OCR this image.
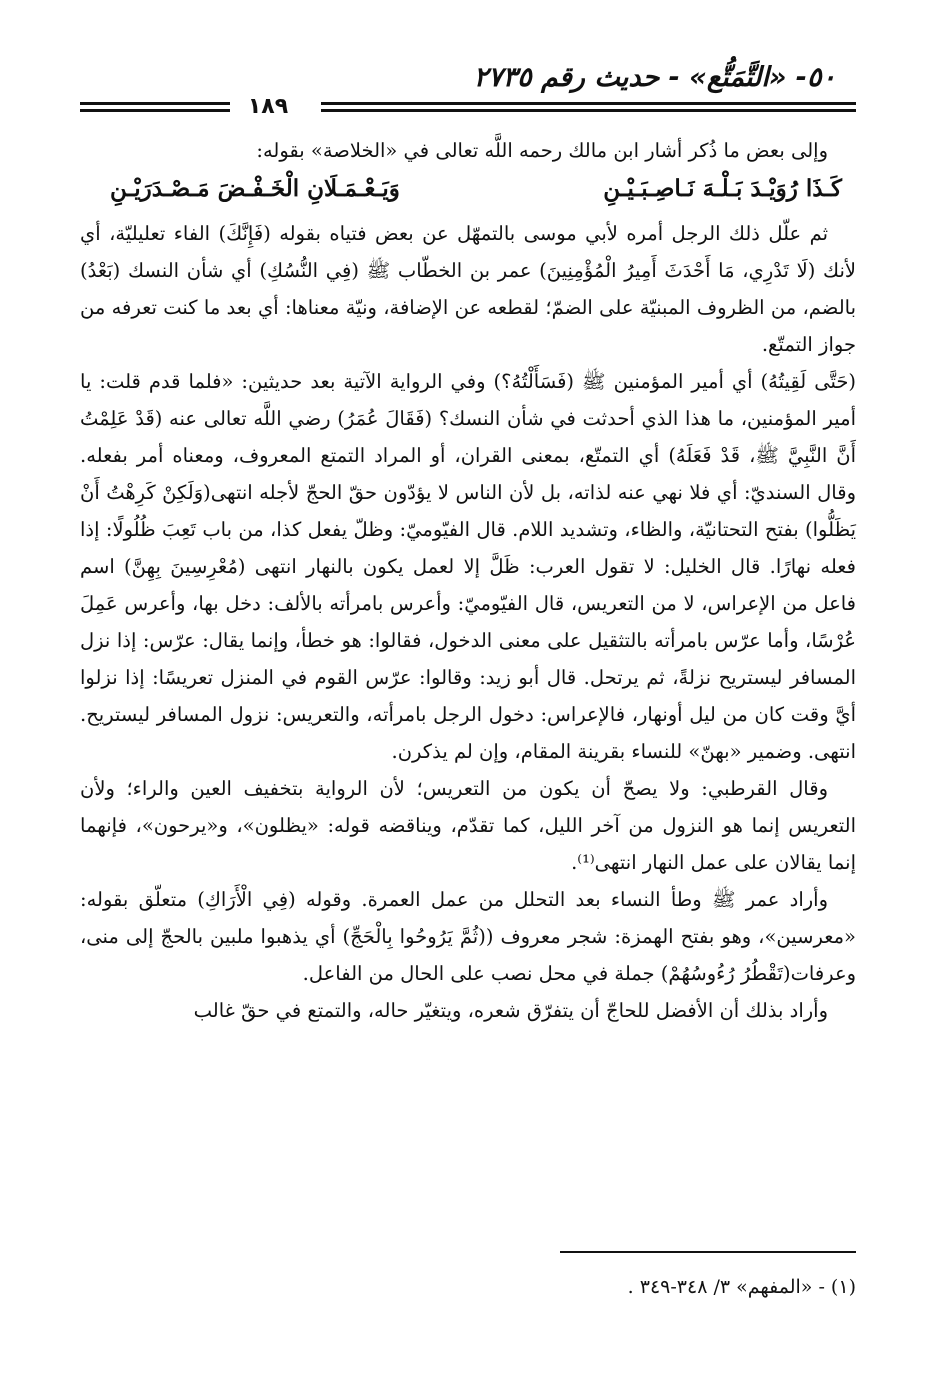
٥٠- «التَّمَتُّع» - حديث رقم ٢٧٣٥
١٨٩

وإلى بعض ما ذُكر أشار ابن مالك رحمه اللَّه تعالى في «الخلاصة» بقوله:

كَـذَا رُوَيْـدَ بَـلْـهَ نَـاصِـبَـيْـنِ
وَيَـعْـمَـلَانِ الْخَـفْـضَ مَـصْـدَرَيْـنِ

ثم علّل ذلك الرجل أمره لأبي موسى بالتمهّل عن بعض فتياه بقوله (فَإِنَّكَ) الفاء تعليليّة، أي لأنك (لَا تَدْرِي، مَا أَحْدَثَ أَمِيرُ الْمُؤْمِنِينَ) عمر بن الخطّاب ﷺ (فِي النُّسُكِ) أي شأن النسك (بَعْدُ) بالضم، من الظروف المبنيّة على الضمّ؛ لقطعه عن الإضافة، ونيّة معناها: أي بعد ما كنت تعرفه من جواز التمتّع.

(حَتَّى لَقِيتُهُ) أي أمير المؤمنين ﷺ (فَسَأَلْتُهُ؟) وفي الرواية الآتية بعد حديثين: «فلما قدم قلت: يا أمير المؤمنين، ما هذا الذي أحدثت في شأن النسك؟ (فَقَالَ عُمَرُ) رضي اللَّه تعالى عنه (قَدْ عَلِمْتُ أَنَّ النَّبِيَّ ﷺ، قَدْ فَعَلَهُ) أي التمتّع، بمعنى القران، أو المراد التمتع المعروف، ومعناه أمر بفعله. وقال السنديّ: أي فلا نهي عنه لذاته، بل لأن الناس لا يؤدّون حقّ الحجّ لأجله انتهى(وَلَكِنْ كَرِهْتُ أَنْ يَظَلُّوا) بفتح التحتانيّة، والظاء، وتشديد اللام. قال الفيّوميّ: وظلّ يفعل كذا، من باب تَعِبَ ظُلُولًا: إذا فعله نهارًا. قال الخليل: لا تقول العرب: ظَلَّ إلا لعمل يكون بالنهار انتهى (مُعْرِسِينَ بِهِنَّ) اسم فاعل من الإعراس، لا من التعريس، قال الفيّوميّ: وأعرس بامرأته بالألف: دخل بها، وأعرس عَمِلَ عُرْسًا، وأما عرّس بامرأته بالتثقيل على معنى الدخول، فقالوا: هو خطأ، وإنما يقال: عرّس: إذا نزل المسافر ليستريح نزلةً، ثم يرتحل. قال أبو زيد: وقالوا: عرّس القوم في المنزل تعريسًا: إذا نزلوا أيَّ وقت كان من ليل أونهار، فالإعراس: دخول الرجل بامرأته، والتعريس: نزول المسافر ليستريح. انتهى. وضمير «بهنّ» للنساء بقرينة المقام، وإن لم يذكرن.

وقال القرطبي: ولا يصحّ أن يكون من التعريس؛ لأن الرواية بتخفيف العين والراء؛ ولأن التعريس إنما هو النزول من آخر الليل، كما تقدّم، ويناقضه قوله: «يظلون»، و«يرحون»، فإنهما إنما يقالان على عمل النهار انتهى⁽¹⁾.

وأراد عمر ﷺ وطأ النساء بعد التحلل من عمل العمرة. وقوله (فِي الْأَرَاكِ) متعلّق بقوله: «معرسين»، وهو بفتح الهمزة: شجر معروف ((ثُمَّ يَرُوحُوا بِالْحَجِّ) أي يذهبوا ملبين بالحجّ إلى منى، وعرفات(تَقْطُرُ رُءُوسُهُمْ) جملة في محل نصب على الحال من الفاعل.

وأراد بذلك أن الأفضل للحاجّ أن يتفرّق شعره، ويتغيّر حاله، والتمتع في حقّ غالب

(١) - «المفهم» ٣/ ٣٤٨-٣٤٩ .
